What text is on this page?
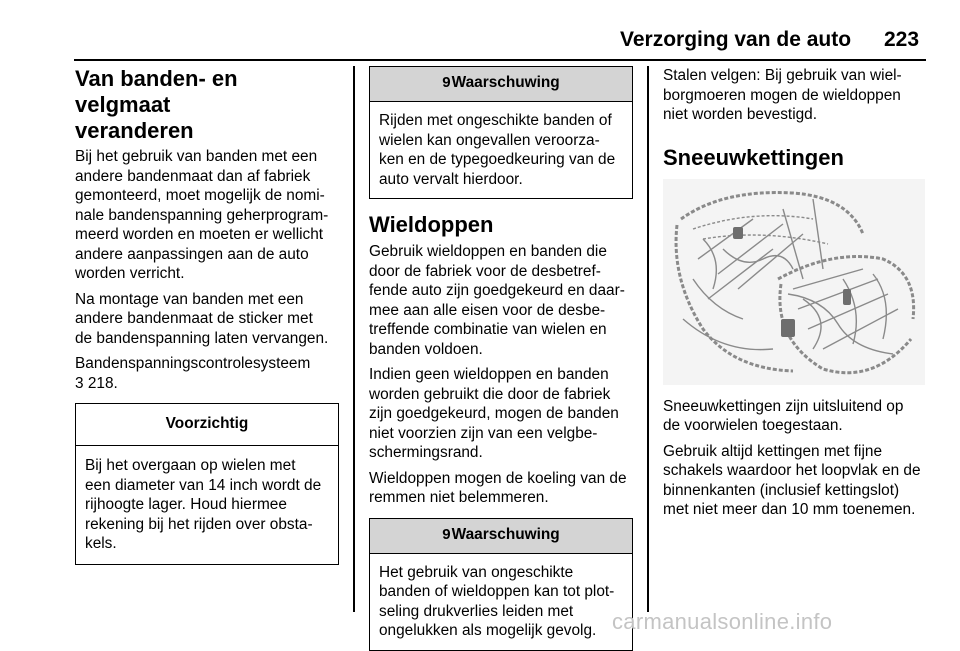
Verzorging van de auto 223
Van banden- en velgmaat
veranderen

Bij het gebruik van banden met een
andere bandenmaat dan af fabriek
gemonteerd, moet mogelijk de nomi-
nale bandenspanning geherprogram-
meerd worden en moeten er wellicht
andere aanpassingen aan de auto
worden verricht.

Na montage van banden met een
andere bandenmaat de sticker met
de bandenspanning laten vervangen.

Bandenspanningscontrolesysteem
3 218.

Voorzichtig
Bij het overgaan op wielen met
een diameter van 14 inch wordt de
rijhoogte lager. Houd hiermee
rekening bij het rijden over obsta-
kels.
9Waarschuwing
Rijden met ongeschikte banden of
wielen kan ongevallen veroorza-
ken en de typegoedkeuring van de
auto vervalt hierdoor.
Wieldoppen

Gebruik wieldoppen en banden die
door de fabriek voor de desbetref-
fende auto zijn goedgekeurd en daar-
mee aan alle eisen voor de desbe-
treffende combinatie van wielen en
banden voldoen.

Indien geen wieldoppen en banden
worden gebruikt die door de fabriek
zijn goedgekeurd, mogen de banden
niet voorzien zijn van een velgbe-
schermingsrand.

Wieldoppen mogen de koeling van de
remmen niet belemmeren.

9Waarschuwing
Het gebruik van ongeschikte
banden of wieldoppen kan tot plot-
seling drukverlies leiden met
ongelukken als mogelijk gevolg.

Stalen velgen: Bij gebruik van wiel-
borgmoeren mogen de wieldoppen
niet worden bevestigd.

Sneeuwkettingen

Sneeuwkettingen zijn uitsluitend op
de voorwielen toegestaan.

Gebruik altijd kettingen met fijne
schakels waardoor het loopvlak en de
binnenkanten (inclusief kettingslot)
met niet meer dan 10 mm toenemen.

carmanualsonline.info
